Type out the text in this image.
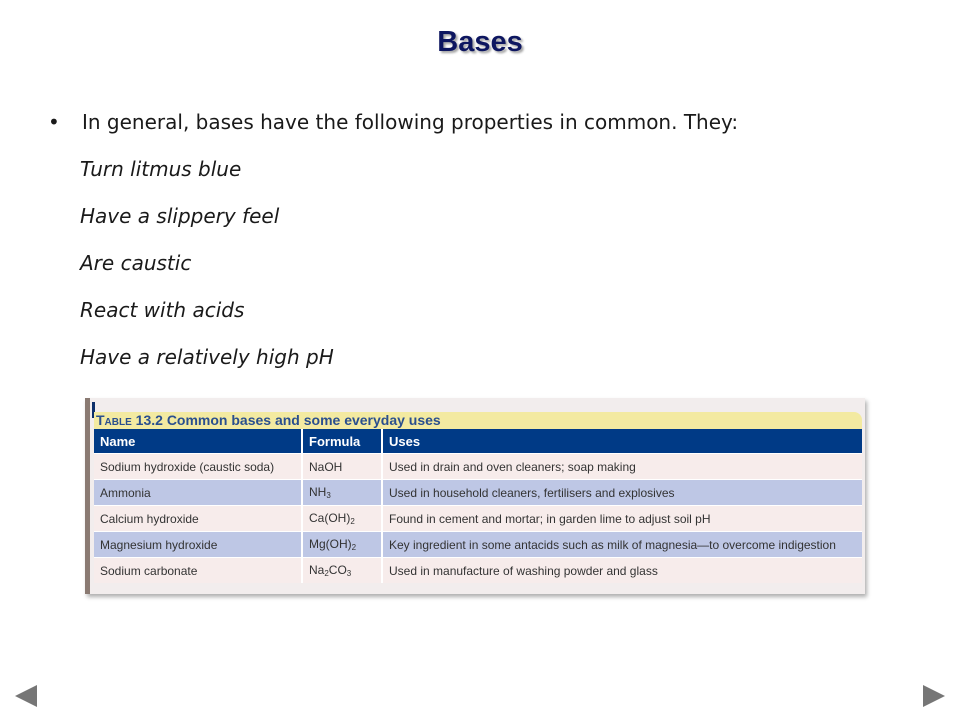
Bases
•	In general, bases have the following properties in common. They:
Turn litmus blue
Have a slippery feel
Are caustic
React with acids
Have a relatively high pH
Table 13.2 Common bases and some everyday uses
Name	Formula	Uses
Sodium hydroxide (caustic soda)	NaOH	Used in drain and oven cleaners; soap making
Ammonia	$NH_3$	Used in household cleaners, fertilisers and explosives
Calcium hydroxide	$Ca(OH)_2$	Found in cement and mortar; in garden lime to adjust soil pH
Magnesium hydroxide	$Mg(OH)_2$	Key ingredient in some antacids such as milk of magnesia—to overcome indigestion
Sodium carbonate	$Na_2CO_3$	Used in manufacture of washing powder and glass
